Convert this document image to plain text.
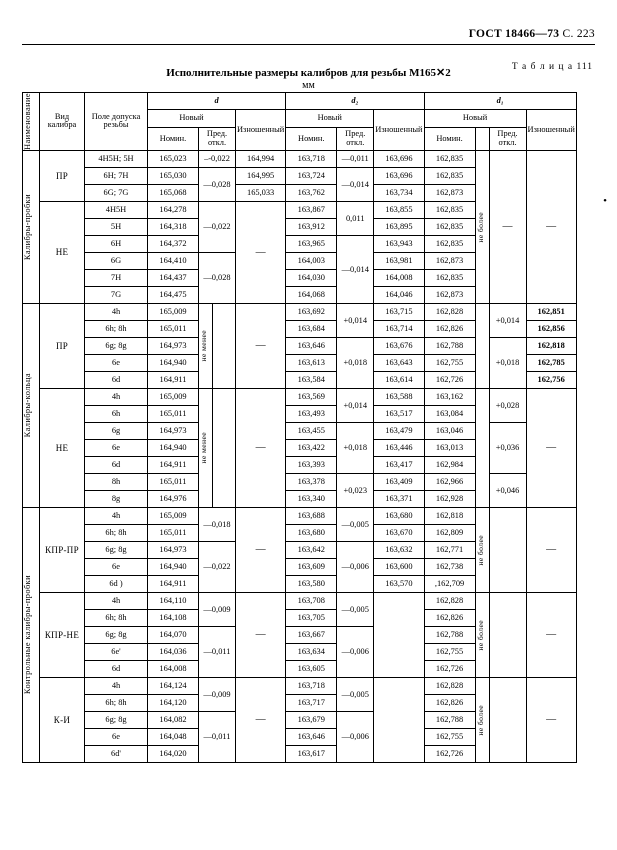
ГОСТ 18466—73 С. 223
Т а б л и ц а 111
Исполнительные размеры калибров для резьбы М165✕2
мм
•
Наименование	Вид калибра	Поле допуска резьбы	d				d₂			d₁			

			Новый			Изношенный	Новый		Изношенный	Новый			Изношенный

			Номин.	Пред. откл.			Номин.	Пред. откл.		Номин.		Пред. откл.	

Калибры-пробки	ПР	4Н5Н; 5Н	165,023	–-0,022		164,994	163,718	—0,011	163,696	162,835	не более	—	—
		6Н; 7Н	165,030	—0,028		164,995	163,724	—0,014	163,696	162,835			
		6G; 7G	165,068			165,033	163,762		163,734	162,873			
	НЕ	4Н5Н	164,278	—0,022		—	163,867	0,011	163,855	162,835			
		5Н	164,318				163,912		163,895	162,835			
		6Н	164,372				163,965	—0,014	163,943	162,835			
		6G	164,410	—0,028			164,003		163,981	162,873			
		7Н	164,437				164,030		164,008	162,835			
		7G	164,475				164,068		164,046	162,873			

Калибры-кольца	ПР	4h	165,009	не менее		—	163,692	+0,014	163,715	162,828		+0,014	162,851
		6h; 8h	165,011				163,684		163,714	162,826			162,856
		6g; 8g	164,973				163,646	+0,018	163,676	162,788		+0,018	162,818
		6е	164,940				163,613		163,643	162,755			162,785
		6d	164,911				163,584		163,614	162,726			162,756
	НЕ	4h	165,009	не менее		—	163,569	+0,014	163,588	163,162		+0,028	—
		6h	165,011				163,493		163,517	163,084			
		6g	164,973				163,455	+0,018	163,479	163,046		+0,036	
		6е	164,940				163,422		163,446	163,013			
		6d	164,911				163,393		163,417	162,984			
		8h	165,011				163,378	+0,023	163,409	162,966		+0,046	
		8g	164,976				163,340		163,371	162,928			

Контрольные калибры-пробки	КПР-ПР	4h	165,009	—0,018		—	163,688	—0,005	163,680	162,818	не более		—
		6h; 8h	165,011				163,680		163,670	162,809			
		6g; 8g	164,973	—0,022			163,642	—0,006	163,632	162,771			
		6е	164,940				163,609		163,600	162,738			
		6d )	164,911				163,580		163,570	,162,709			
	КПР-НЕ	4h	164,110	—0,009		—	163,708	—0,005		162,828	не более		—
		6h; 8h	164,108				163,705			162,826			
		6g; 8g	164,070	—0,011			163,667	—0,006		162,788			
		6е'	164,036				163,634			162,755			
		6d	164,008				163,605			162,726			
	К-И	4h	164,124	—0,009		—	163,718	—0,005		162,828	не более		—
		6h; 8h	164,120				163,717			162,826			
		6g; 8g	164,082	—0,011			163,679	—0,006		162,788			
		6е	164,048				163,646			162,755			
		6d'	164,020				163,617			162,726			
